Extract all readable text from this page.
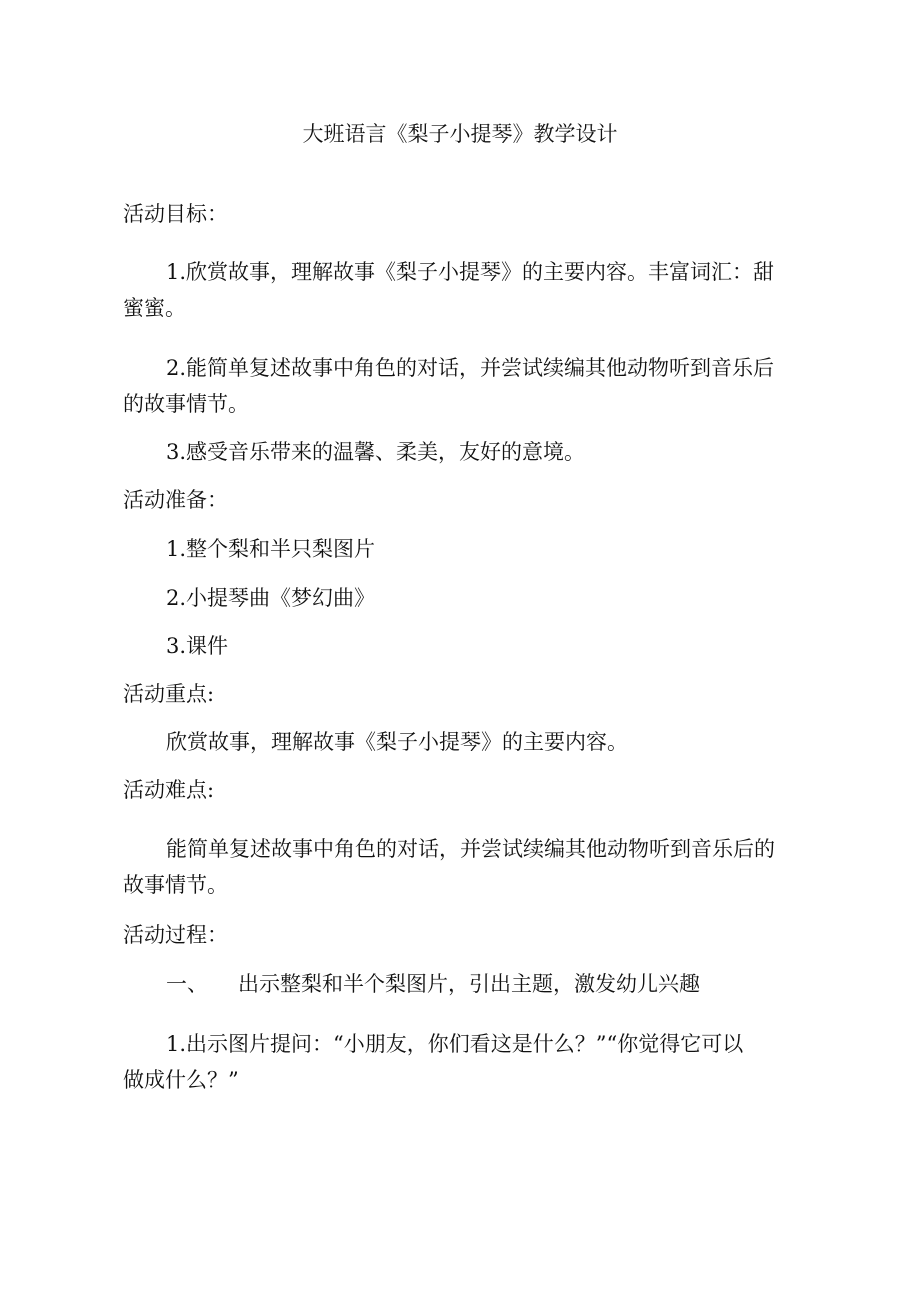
大班语言《梨子小提琴》教学设计
活动目标：
1.欣赏故事，理解故事《梨子小提琴》的主要内容。丰富词汇：甜
蜜蜜。
2.能简单复述故事中角色的对话，并尝试续编其他动物听到音乐后
的故事情节。
3.感受音乐带来的温馨、柔美，友好的意境。
活动准备：
1.整个梨和半只梨图片
2.小提琴曲《梦幻曲》
3.课件
活动重点:
欣赏故事，理解故事《梨子小提琴》的主要内容。
活动难点:
能简单复述故事中角色的对话，并尝试续编其他动物听到音乐后的
故事情节。
活动过程：
一、 出示整梨和半个梨图片，引出主题，激发幼儿兴趣
1.出示图片提问：“小朋友，你们看这是什么？”“你觉得它可以
做成什么？”
